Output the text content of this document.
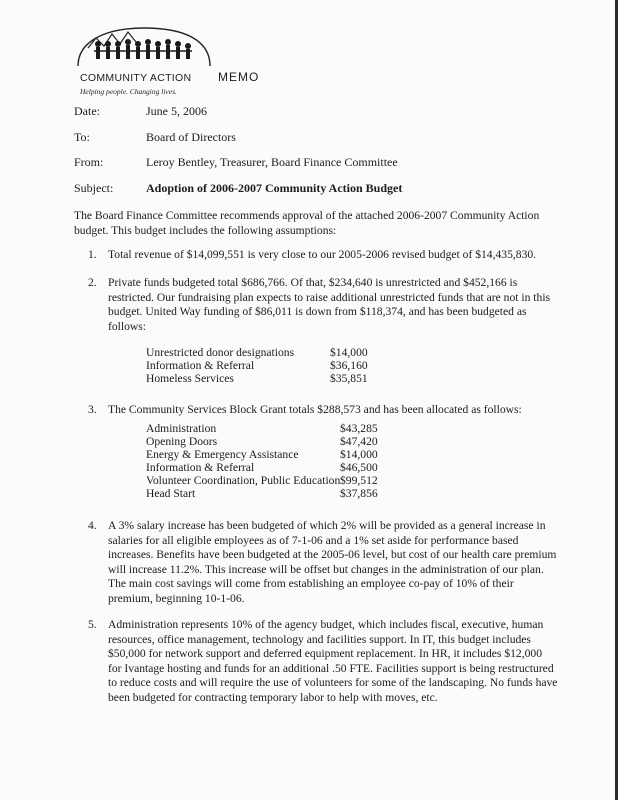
COMMUNITY ACTION
Helping people. Changing lives.
MEMO
Date:	June 5, 2006
To:	Board of Directors
From:	Leroy Bentley, Treasurer, Board Finance Committee
Subject:	Adoption of 2006-2007 Community Action Budget
The Board Finance Committee recommends approval of the attached 2006-2007 Community Action budget. This budget includes the following assumptions:
1. Total revenue of $14,099,551 is very close to our 2005-2006 revised budget of $14,435,830.
2. Private funds budgeted total $686,766. Of that, $234,640 is unrestricted and $452,166 is restricted. Our fundraising plan expects to raise additional unrestricted funds that are not in this budget. United Way funding of $86,011 is down from $118,374, and has been budgeted as follows:
Unrestricted donor designations	$14,000
Information & Referral	$36,160
Homeless Services	$35,851
3. The Community Services Block Grant totals $288,573 and has been allocated as follows:
Administration	$43,285
Opening Doors	$47,420
Energy & Emergency Assistance	$14,000
Information & Referral	$46,500
Volunteer Coordination, Public Education $99,512
Head Start	$37,856
4. A 3% salary increase has been budgeted of which 2% will be provided as a general increase in salaries for all eligible employees as of 7-1-06 and a 1% set aside for performance based increases. Benefits have been budgeted at the 2005-06 level, but cost of our health care premium will increase 11.2%. This increase will be offset but changes in the administration of our plan. The main cost savings will come from establishing an employee co-pay of 10% of their premium, beginning 10-1-06.
5. Administration represents 10% of the agency budget, which includes fiscal, executive, human resources, office management, technology and facilities support. In IT, this budget includes $50,000 for network support and deferred equipment replacement. In HR, it includes $12,000 for Ivantage hosting and funds for an additional .50 FTE. Facilities support is being restructured to reduce costs and will require the use of volunteers for some of the landscaping. No funds have been budgeted for contracting temporary labor to help with moves, etc.
